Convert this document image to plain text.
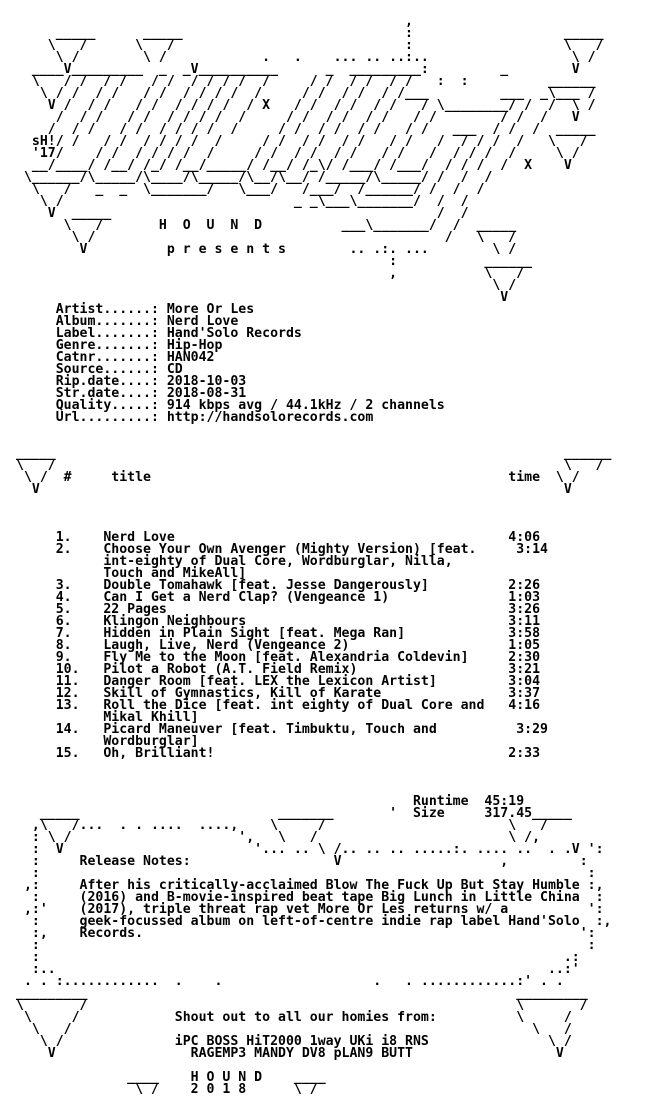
,
_____      _____                            :                   _____
\   /      \   /                             :                   \   /
\ /        \ /            .   .    ... .. ..:..                  \ /
____V_________  _  _V__________      _  _________:         _        V
\   / /  / /   / /  / / / /  /     / /  / /  / /   :  :          ______
\ / /  / /   / /  / / / /  /     / /  / /  / /___         ___  _\___ /
V /  / /   / /  / / / /  / X   / /  / /  / /   / \________/ /  /  \ /
/  / /   / /  / / / /  /     / /  / /  / /   / /        / /  /   V
/  / /   / /  / / / /  /     / /  / /  / /   / /   ___  / /  /  _____
sH!/ /   / /  / / / /  /     / /  / /  / /   / /   /  / / /  /   \   /
'17/    / /  / / / /  /     / /  / /  / /   / /   /  / / /  /     \ /
__/____/ /__/ /_/ /__/_____/ /__/ /_\/ /___/ /___/  / / /  /  X    V
\______/\_____/\____/\_____/\__/\__/ /_____/\_____/ /  /  /
\   /   _  _  \_______/   \___/   /___/  /______/ /  /  /
\ /                             _ _\___\_______/  /  /
V  _____                                         /  /
\   /       H  O  U  N  D          ___\_______/  /  _____
\ /                                            /   \   /
V          p r e s e n t s        .. .:. ...        \ /
:           ______
,           \   /
\ /
V
Artist......: More Or Les
Album.......: Nerd Love
Label.......: Hand'Solo Records
Genre.......: Hip-Hop
Catnr.......: HAN042
Source......: CD
Rip.date....: 2018-10-03
Str.date....: 2018-08-31
Quality.....: 914 kbps avg / 44.1kHz / 2 channels
Url.........: http://handsolorecords.com

_____                                                                ______
\   /                                                                \   /
\ /  #     title                                             time  \ /
V                                                                  V

1.    Nerd Love                                          4:06
2.    Choose Your Own Avenger (Mighty Version) [feat.     3:14
int-eighty of Dual Core, Wordburglar, Nilla,
Touch and MikeAll]
3.    Double Tomahawk [feat. Jesse Dangerously]          2:26
4.    Can I Get a Nerd Clap? (Vengeance 1)               1:03
5.    22 Pages                                           3:26
6.    Klingon Neighbours                                 3:11
7.    Hidden in Plain Sight [feat. Mega Ran]             3:58
8.    Laugh, Live, Nerd (Vengeance 2)                    1:05
9.    Fly Me to the Moon [feat. Alexandria Coldevin]     2:30
10.   Pilot a Robot (A.T. Field Remix)                   3:21
11.   Danger Room [feat. LEX the Lexicon Artist]         3:04
12.   Skill of Gymnastics, Kill of Karate                3:37
13.   Roll the Dice [feat. int eighty of Dual Core and   4:16
Mikal Khill]
14.   Picard Maneuver [feat. Timbuktu, Touch and          3:29
Wordburglar]
15.   Oh, Brilliant!                                     2:33

Runtime  45:19
_____                         _______       '  Size     317.45_____
,\   /...  . . ....  ....,    \     /                       \   /
: \ /                     ',   \   /                        \ /,
:  V                        '... .. \ /.. .. .. .....:. .... ..  . .V ':
:     Release Notes:                  V                    ,         :
:                                                                     :
,:     After his critically-acclaimed Blow The Fuck Up But Stay Humble :,
:     (2016) and B-movie-inspired beat tape Big Lunch in Little China  :
,:'    (2017), triple threat rap vet More Or Les returns w/ a          ':
:     geek-focussed album on left-of-centre indie rap label Hand'Solo  :,
:,    Records.                                                       ':
:                                                                     :
:                                                                  .:
:..                                                              ..:'
. . :............  .    .                   .   . ............:' . .
_________                                                      _________
\       /                                                      \       /
\     /            Shout out to all our homies from:          \     /
\   /                                                          \   /
\ /              iPC BOSS HiT2000 1way UKi i8 RNS               \ /
V                 RAGEMP3 MANDY DV8 pLAN9 BUTT                  V

____    H O U N D    ____
\ /    2 0 1 8      \ /
